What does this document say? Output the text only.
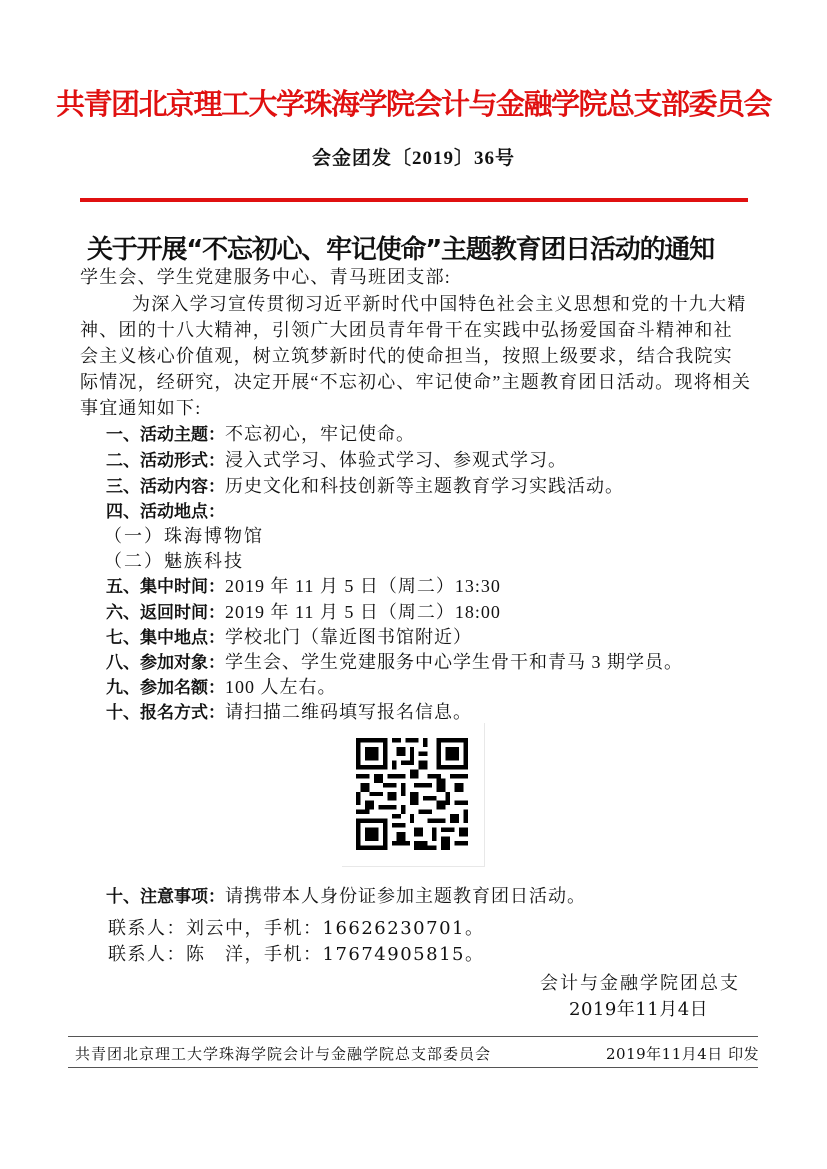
共青团北京理工大学珠海学院会计与金融学院总支部委员会
会金团发〔2019〕36号
关于开展“不忘初心、牢记使命”主题教育团日活动的通知
学生会、学生党建服务中心、青马班团支部:
为深入学习宣传贯彻习近平新时代中国特色社会主义思想和党的十九大精
神、团的十八大精神，引领广大团员青年骨干在实践中弘扬爱国奋斗精神和社
会主义核心价值观，树立筑梦新时代的使命担当，按照上级要求，结合我院实
际情况，经研究，决定开展“不忘初心、牢记使命”主题教育团日活动。现将相关
事宜通知如下:
一、活动主题：不忘初心，牢记使命。
二、活动形式：浸入式学习、体验式学习、参观式学习。
三、活动内容：历史文化和科技创新等主题教育学习实践活动。
四、活动地点：
（一）珠海博物馆
（二）魅族科技
五、集中时间：2019 年 11 月 5 日（周二）13:30
六、返回时间：2019 年 11 月 5 日（周二）18:00
七、集中地点：学校北门（靠近图书馆附近）
八、参加对象：学生会、学生党建服务中心学生骨干和青马 3 期学员。
九、参加名额：100 人左右。
十、报名方式：请扫描二维码填写报名信息。
十、注意事项：请携带本人身份证参加主题教育团日活动。
联系人：刘云中，手机：16626230701。
联系人：陈　洋，手机：17674905815。
会计与金融学院团总支
2019年11月4日
共青团北京理工大学珠海学院会计与金融学院总支部委员会	2019年11月4日 印发
